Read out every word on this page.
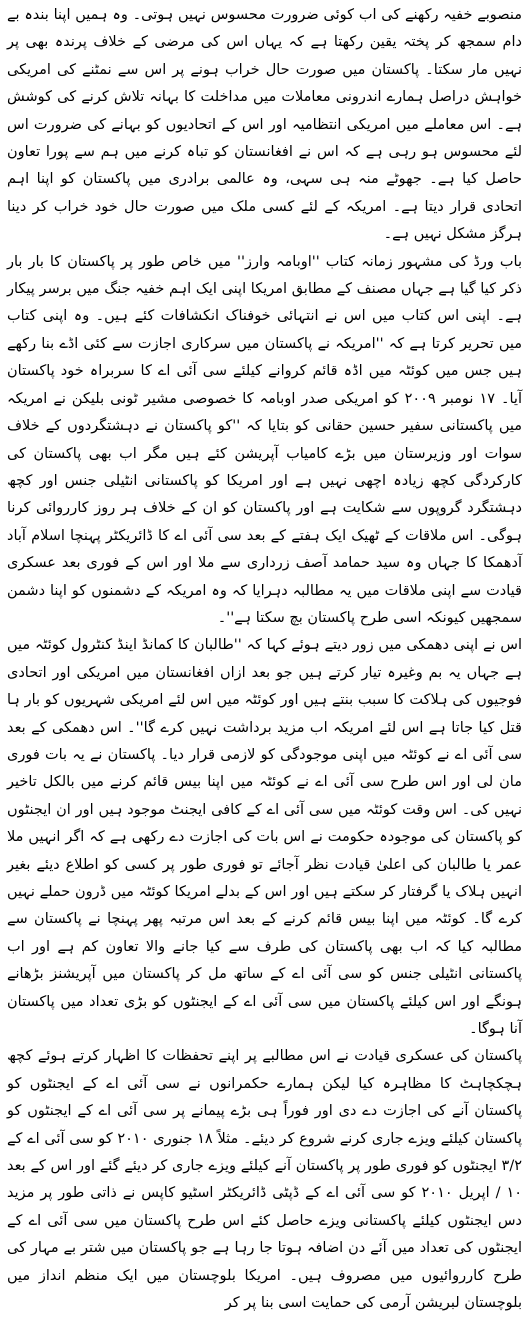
منصوبے خفیہ رکھنے کی اب کوئی ضرورت محسوس نہیں ہوتی۔ وہ ہمیں اپنا بندہ بے دام سمجھ کر پختہ یقین رکھتا ہے کہ یہاں اس کی مرضی کے خلاف پرندہ بھی پر نہیں مار سکتا۔ پاکستان میں صورت حال خراب ہونے پر اس سے نمٹنے کی امریکی خواہش دراصل ہمارے اندرونی معاملات میں مداخلت کا بہانہ تلاش کرنے کی کوشش ہے۔ اس معاملے میں امریکی انتظامیہ اور اس کے اتحادیوں کو بہانے کی ضرورت اس لئے محسوس ہو رہی ہے کہ اس نے افغانستان کو تباہ کرنے میں ہم سے پورا تعاون حاصل کیا ہے۔ جھوٹے منہ ہی سہی، وہ عالمی برادری میں پاکستان کو اپنا اہم اتحادی قرار دیتا ہے۔ امریکہ کے لئے کسی ملک میں صورت حال خود خراب کر دینا ہرگز مشکل نہیں ہے۔

باب ورڈ کی مشہور زمانہ کتاب ''اوبامہ وارز'' میں خاص طور پر پاکستان کا بار بار ذکر کیا گیا ہے جہاں مصنف کے مطابق امریکا اپنی ایک اہم خفیہ جنگ میں برسر پیکار ہے۔ اپنی اس کتاب میں اس نے انتہائی خوفناک انکشافات کئے ہیں۔ وہ اپنی کتاب میں تحریر کرتا ہے کہ ''امریکہ نے پاکستان میں سرکاری اجازت سے کئی اڈے بنا رکھے ہیں جس میں کوئٹہ میں اڈہ قائم کروانے کیلئے سی آئی اے کا سربراہ خود پاکستان آیا۔ ۱۷ نومبر ۲۰۰۹ کو امریکی صدر اوبامہ کا خصوصی مشیر ٹونی بلیکن نے امریکہ میں پاکستانی سفیر حسین حقانی کو بتایا کہ ''کو پاکستان نے دہشتگردوں کے خلاف سوات اور وزیرستان میں بڑے کامیاب آپریشن کئے ہیں مگر اب بھی پاکستان کی کارکردگی کچھ زیادہ اچھی نہیں ہے اور امریکا کو پاکستانی انٹیلی جنس اور کچھ دہشتگرد گروپوں سے شکایت ہے اور پاکستان کو ان کے خلاف ہر روز کارروائی کرنا ہوگی۔ اس ملاقات کے ٹھیک ایک ہفتے کے بعد سی آئی اے کا ڈائریکٹر پہنچا اسلام آباد آدھمکا کا جہاں وہ سید حمامد آصف زرداری سے ملا اور اس کے فوری بعد عسکری قیادت سے اپنی ملاقات میں یہ مطالبہ دہرایا کہ وہ امریکہ کے دشمنوں کو اپنا دشمن سمجھیں کیونکہ اسی طرح پاکستان بچ سکتا ہے''۔

اس نے اپنی دھمکی میں زور دیتے ہوئے کہا کہ ''طالبان کا کمانڈ اینڈ کنٹرول کوئٹہ میں ہے جہاں یہ بم وغیرہ تیار کرتے ہیں جو بعد ازاں افغانستان میں امریکی اور اتحادی فوجیوں کی ہلاکت کا سبب بنتے ہیں اور کوئٹہ میں اس لئے امریکی شہریوں کو بار ہا قتل کیا جاتا ہے اس لئے امریکہ اب مزید برداشت نہیں کرے گا''۔ اس دھمکی کے بعد سی آئی اے نے کوئٹہ میں اپنی موجودگی کو لازمی قرار دیا۔ پاکستان نے یہ بات فوری مان لی اور اس طرح سی آئی اے نے کوئٹہ میں اپنا بیس قائم کرنے میں بالکل تاخیر نہیں کی۔ اس وقت کوئٹہ میں سی آئی اے کے کافی ایجنٹ موجود ہیں اور ان ایجنٹوں کو پاکستان کی موجودہ حکومت نے اس بات کی اجازت دے رکھی ہے کہ اگر انہیں ملا عمر یا طالبان کی اعلیٰ قیادت نظر آجائے تو فوری طور پر کسی کو اطلاع دیئے بغیر انہیں ہلاک یا گرفتار کر سکتے ہیں اور اس کے بدلے امریکا کوئٹہ میں ڈرون حملے نہیں کرے گا۔ کوئٹہ میں اپنا بیس قائم کرنے کے بعد اس مرتبہ پھر پہنچا نے پاکستان سے مطالبہ کیا کہ اب بھی پاکستان کی طرف سے کیا جانے والا تعاون کم ہے اور اب پاکستانی انٹیلی جنس کو سی آئی اے کے ساتھ مل کر پاکستان میں آپریشنز بڑھانے ہونگے اور اس کیلئے پاکستان میں سی آئی اے کے ایجنٹوں کو بڑی تعداد میں پاکستان آنا ہوگا۔

پاکستان کی عسکری قیادت نے اس مطالبے پر اپنے تحفظات کا اظہار کرتے ہوئے کچھ ہچکچاہٹ کا مظاہرہ کیا لیکن ہمارے حکمرانوں نے سی آئی اے کے ایجنٹوں کو پاکستان آنے کی اجازت دے دی اور فوراً ہی بڑے پیمانے پر سی آئی اے کے ایجنٹوں کو پاکستان کیلئے ویزے جاری کرنے شروع کر دیئے۔ مثلاً ۱۸ جنوری ۲۰۱۰ کو سی آئی اے کے ۳/۲ ایجنٹوں کو فوری طور پر پاکستان آنے کیلئے ویزے جاری کر دیئے گئے اور اس کے بعد ۱۰ / اپریل ۲۰۱۰ کو سی آئی اے کے ڈپٹی ڈائریکٹر اسٹیو کاپس نے ذاتی طور پر مزید دس ایجنٹوں کیلئے پاکستانی ویزے حاصل کئے اس طرح پاکستان میں سی آئی اے کے ایجنٹوں کی تعداد میں آئے دن اضافہ ہوتا جا رہا ہے جو پاکستان میں شتر بے مہار کی طرح کارروائیوں میں مصروف ہیں۔ امریکا بلوچستان میں ایک منظم انداز میں بلوچستان لبریشن آرمی کی حمایت اسی بنا پر کر
